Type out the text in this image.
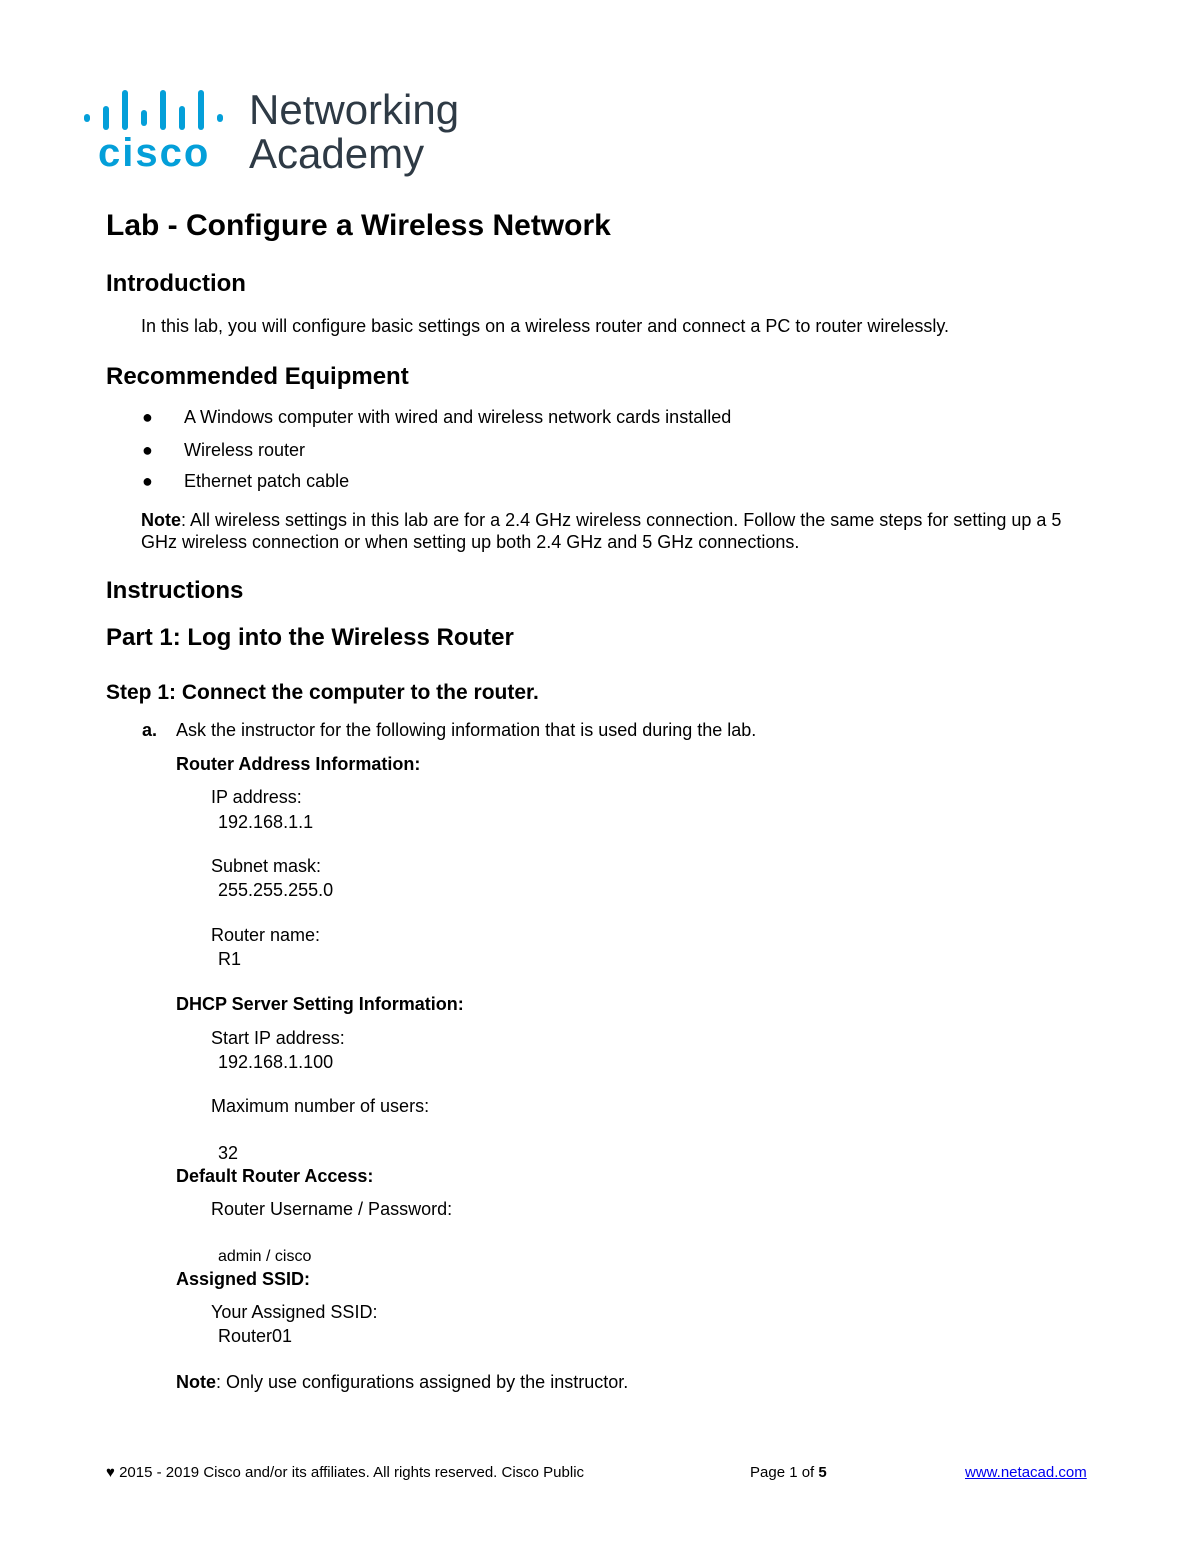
cisco
Networking
Academy
Lab - Configure a Wireless Network
Introduction
In this lab, you will configure basic settings on a wireless router and connect a PC to router wirelessly.
Recommended Equipment
● A Windows computer with wired and wireless network cards installed
● Wireless router
● Ethernet patch cable
Note: All wireless settings in this lab are for a 2.4 GHz wireless connection. Follow the same steps for setting up a 5 GHz wireless connection or when setting up both 2.4 GHz and 5 GHz connections.
Instructions
Part 1: Log into the Wireless Router
Step 1: Connect the computer to the router.
a. Ask the instructor for the following information that is used during the lab.
Router Address Information:
IP address:
192.168.1.1
Subnet mask:
255.255.255.0
Router name:
R1
DHCP Server Setting Information:
Start IP address:
192.168.1.100
Maximum number of users:
32
Default Router Access:
Router Username / Password:
admin / cisco
Assigned SSID:
Your Assigned SSID:
Router01
Note: Only use configurations assigned by the instructor.
♥ 2015 - 2019 Cisco and/or its affiliates. All rights reserved. Cisco Public	Page 1 of 5	www.netacad.com
